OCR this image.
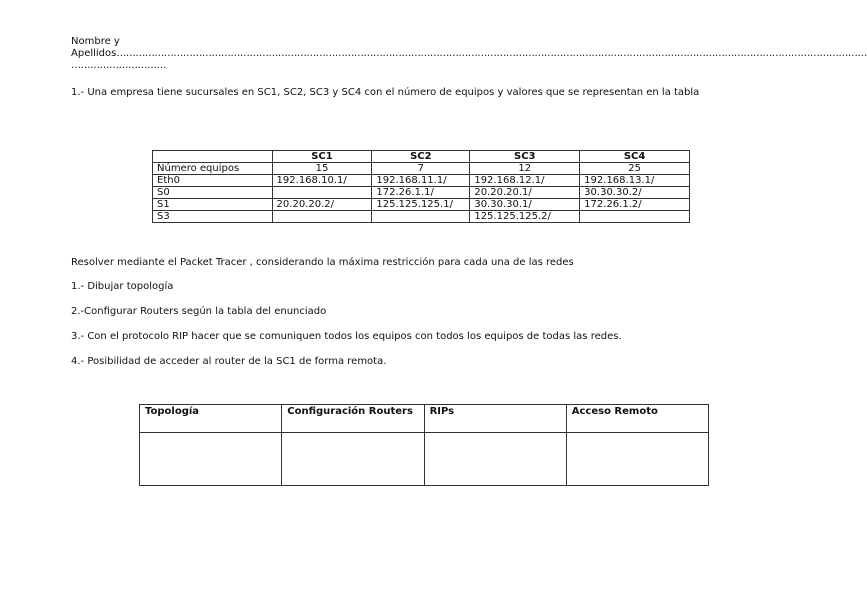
Nombre y
Apellidos…………………………………………………………………………………………………………………………………………………………………………………………………………………
…………………………
1.- Una empresa tiene sucursales en SC1, SC2, SC3 y SC4 con el número de equipos y valores que se representan en la tabla
	SC1	SC2	SC3	SC4
Número equipos	15	7	12	25
Eth0	192.168.10.1/	192.168.11.1/	192.168.12.1/	192.168.13.1/
S0		172.26.1.1/	20.20.20.1/	30.30.30.2/
S1	20.20.20.2/	125.125.125.1/	30.30.30.1/	172.26.1.2/
S3			125.125.125.2/	
Resolver mediante el Packet Tracer , considerando la máxima restricción para cada una de las redes
1.- Dibujar topología
2.-Configurar Routers según la tabla del enunciado
3.- Con el protocolo RIP hacer que se comuniquen todos los equipos con todos los equipos de todas las redes.
4.- Posibilidad de acceder al router de la SC1 de forma remota.
Topología	Configuración Routers	RIPs	Acceso Remoto
